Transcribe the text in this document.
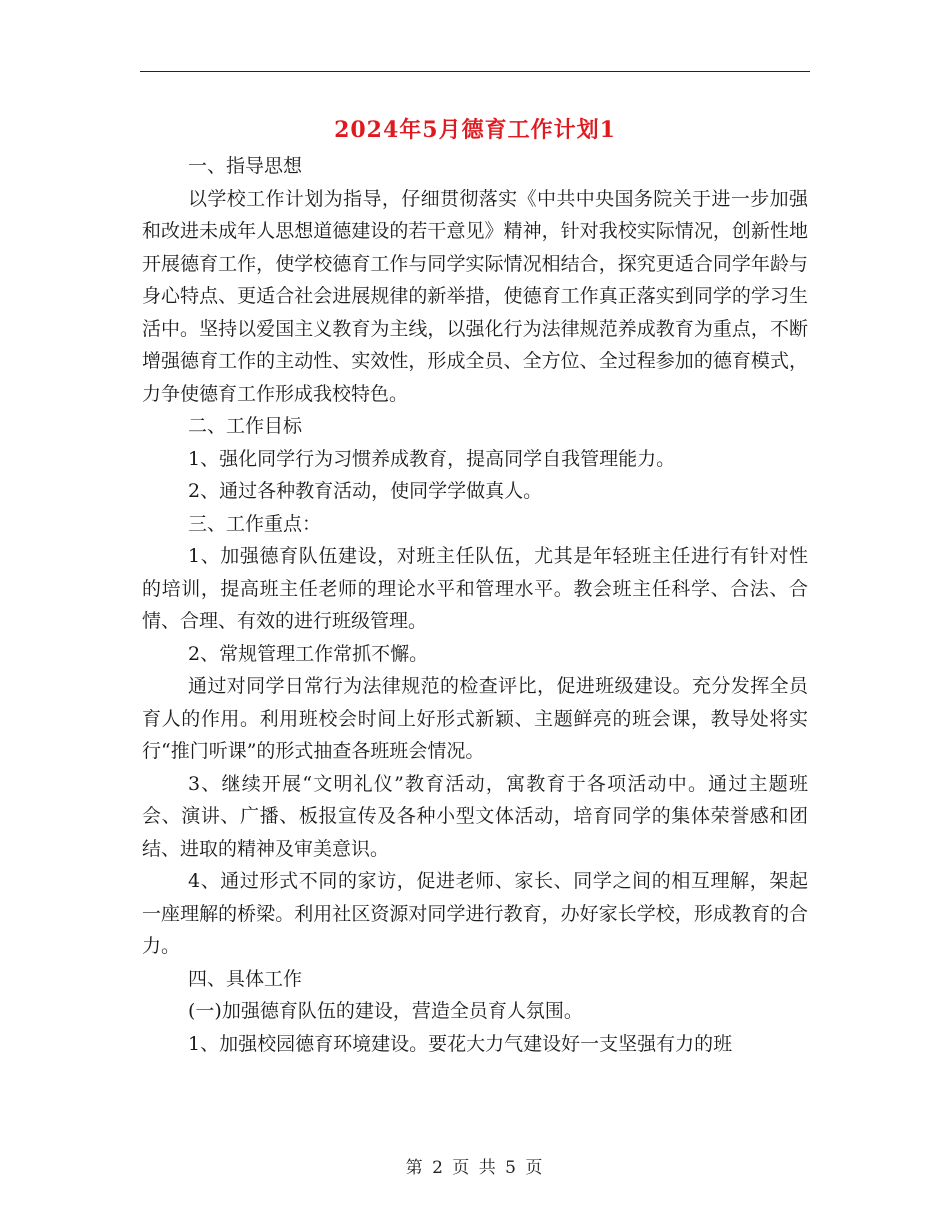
2024年5月德育工作计划1

一、指导思想

以学校工作计划为指导，仔细贯彻落实《中共中央国务院关于进一步加强和改进未成年人思想道德建设的若干意见》精神，针对我校实际情况，创新性地开展德育工作，使学校德育工作与同学实际情况相结合，探究更适合同学年龄与身心特点、更适合社会进展规律的新举措，使德育工作真正落实到同学的学习生活中。坚持以爱国主义教育为主线，以强化行为法律规范养成教育为重点，不断增强德育工作的主动性、实效性，形成全员、全方位、全过程参加的德育模式，力争使德育工作形成我校特色。

二、工作目标

1、强化同学行为习惯养成教育，提高同学自我管理能力。

2、通过各种教育活动，使同学学做真人。

三、工作重点：

1、加强德育队伍建设，对班主任队伍，尤其是年轻班主任进行有针对性的培训，提高班主任老师的理论水平和管理水平。教会班主任科学、合法、合情、合理、有效的进行班级管理。

2、常规管理工作常抓不懈。

通过对同学日常行为法律规范的检查评比，促进班级建设。充分发挥全员育人的作用。利用班校会时间上好形式新颖、主题鲜亮的班会课，教导处将实行“推门听课”的形式抽查各班班会情况。

3、继续开展“文明礼仪”教育活动，寓教育于各项活动中。通过主题班会、演讲、广播、板报宣传及各种小型文体活动，培育同学的集体荣誉感和团结、进取的精神及审美意识。

4、通过形式不同的家访，促进老师、家长、同学之间的相互理解，架起一座理解的桥梁。利用社区资源对同学进行教育，办好家长学校，形成教育的合力。

四、具体工作

(一)加强德育队伍的建设，营造全员育人氛围。

1、加强校园德育环境建设。要花大力气建设好一支坚强有力的班

第 2 页 共 5 页
